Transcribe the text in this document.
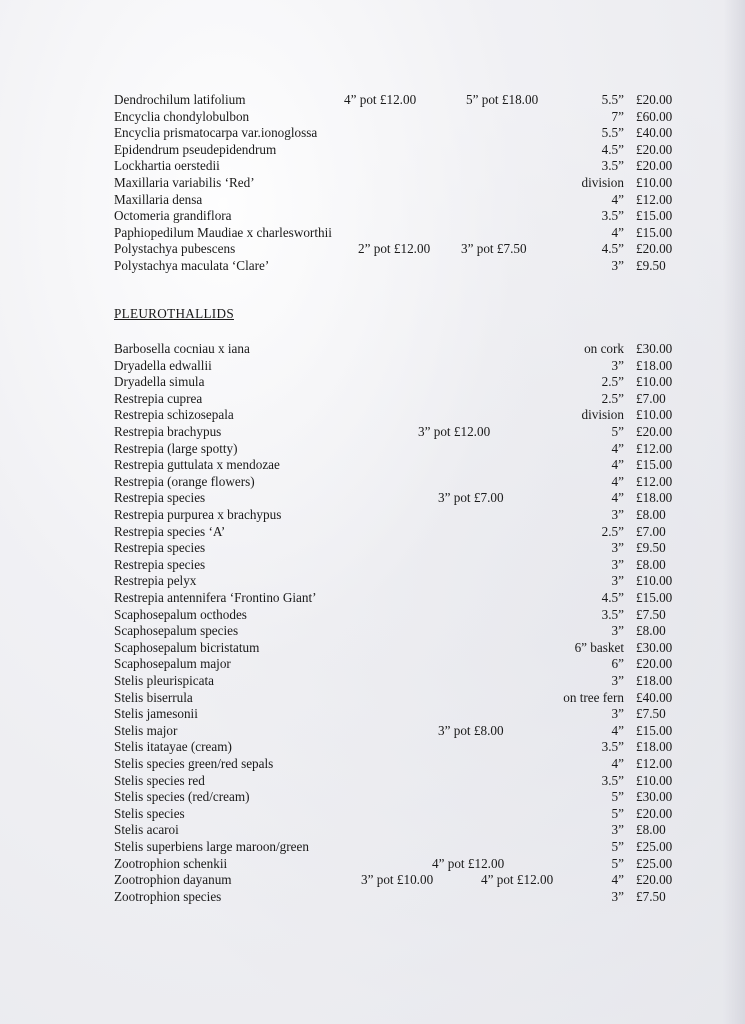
PLEUROTHALLIDS
Dendrochilum latifolium	4” pot £12.00	5” pot £18.00	5.5” £20.00
Encyclia chondylobulbon	7” £60.00
Encyclia prismatocarpa var.ionoglossa	5.5” £40.00
Epidendrum pseudepidendrum	4.5” £20.00
Lockhartia oerstedii	3.5” £20.00
Maxillaria variabilis ‘Red’	division £10.00
Maxillaria densa	4” £12.00
Octomeria grandiflora	3.5” £15.00
Paphiopedilum Maudiae x charlesworthii	4” £15.00
Polystachya pubescens	2” pot £12.00 3” pot £7.50	4.5” £20.00
Polystachya maculata ‘Clare’	3” £9.50
Barbosella cocniau x iana	on cork £30.00
Dryadella edwallii	3” £18.00
Dryadella simula	2.5” £10.00
Restrepia cuprea	2.5” £7.00
Restrepia schizosepala	division £10.00
Restrepia brachypus	3” pot £12.00	5” £20.00
Restrepia (large spotty)	4” £12.00
Restrepia guttulata x mendozae	4” £15.00
Restrepia (orange flowers)	4” £12.00
Restrepia species	3” pot £7.00	4” £18.00
Restrepia purpurea x brachypus	3” £8.00
Restrepia species ‘A’	2.5” £7.00
Restrepia species	3” £9.50
Restrepia species	3” £8.00
Restrepia pelyx	3” £10.00
Restrepia antennifera ‘Frontino Giant’	4.5” £15.00
Scaphosepalum octhodes	3.5” £7.50
Scaphosepalum species	3” £8.00
Scaphosepalum bicristatum	6” basket £30.00
Scaphosepalum major	6” £20.00
Stelis pleurispicata	3” £18.00
Stelis biserrula	on tree fern £40.00
Stelis jamesonii	3” £7.50
Stelis major	3” pot £8.00	4” £15.00
Stelis itatayae (cream)	3.5” £18.00
Stelis species green/red sepals	4” £12.00
Stelis species red	3.5” £10.00
Stelis species (red/cream)	5” £30.00
Stelis species	5” £20.00
Stelis acaroi	3” £8.00
Stelis superbiens large maroon/green	5” £25.00
Zootrophion schenkii	4” pot £12.00	5” £25.00
Zootrophion dayanum	3” pot £10.00	4” pot £12.00	4” £20.00
Zootrophion species	3” £7.50
